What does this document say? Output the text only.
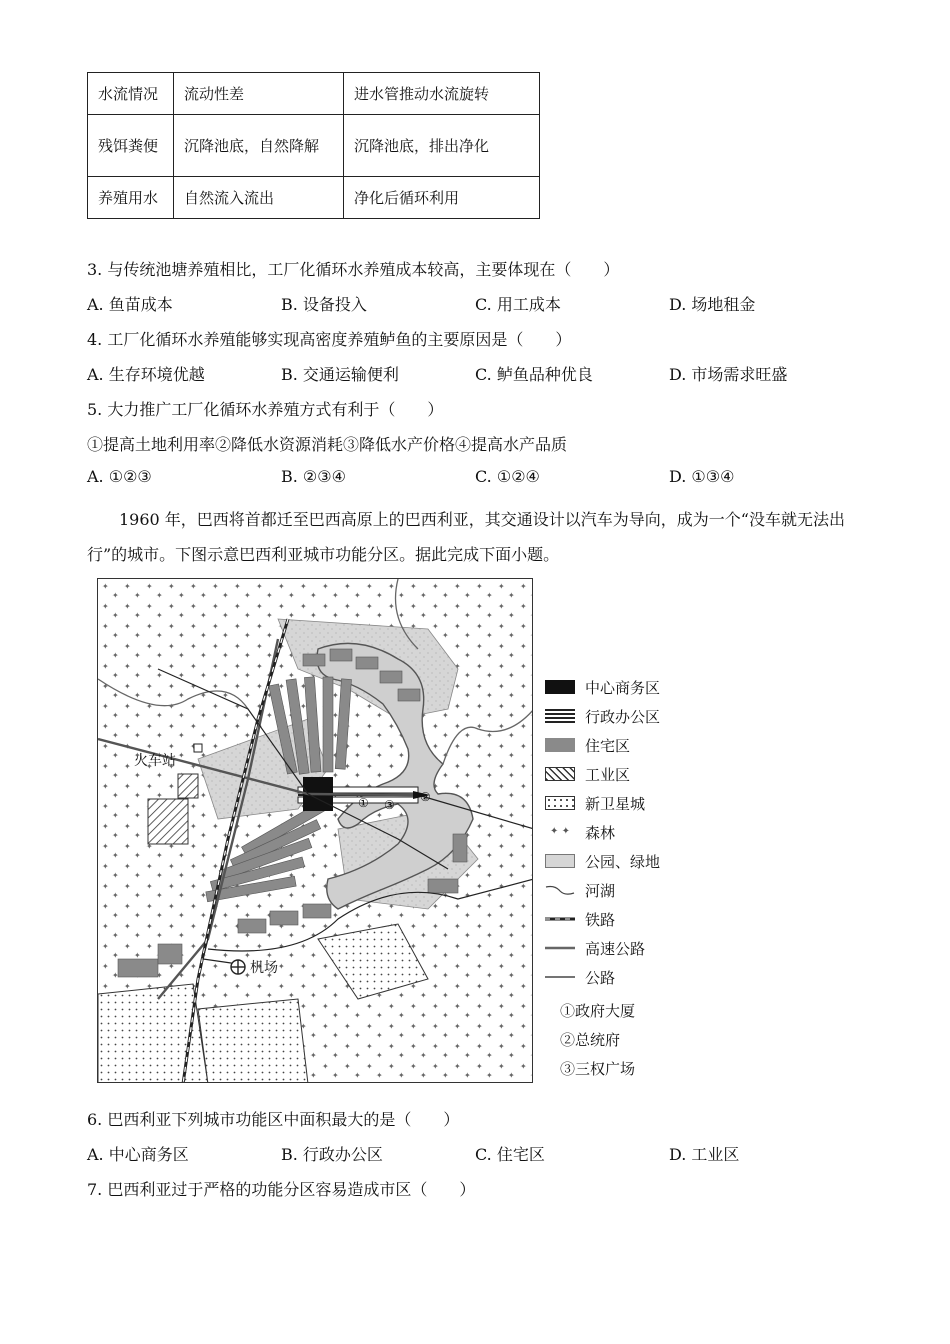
水流情况	流动性差	进水管推动水流旋转
残饵粪便	沉降池底，自然降解	沉降池底，排出净化
养殖用水	自然流入流出	净化后循环利用
3. 与传统池塘养殖相比，工厂化循环水养殖成本较高，主要体现在（　　）
A. 鱼苗成本	B. 设备投入	C. 用工成本	D. 场地租金
4. 工厂化循环水养殖能够实现高密度养殖鲈鱼的主要原因是（　　）
A. 生存环境优越	B. 交通运输便利	C. 鲈鱼品种优良	D. 市场需求旺盛
5. 大力推广工厂化循环水养殖方式有利于（　　）
①提高土地利用率②降低水资源消耗③降低水产价格④提高水产品质
A. ①②③	B. ②③④	C. ①②④	D. ①③④
1960 年，巴西将首都迁至巴西高原上的巴西利亚，其交通设计以汽车为导向，成为一个“没车就无法出行”的城市。下图示意巴西利亚城市功能分区。据此完成下面小题。
火车站
机场
① ③
②
中心商务区
行政办公区
住宅区
工业区
新卫星城
✦ ✦	森林
公园、绿地
河湖
铁路
高速公路
公路
①政府大厦
②总统府
③三权广场
6. 巴西利亚下列城市功能区中面积最大的是（　　）
A. 中心商务区	B. 行政办公区	C. 住宅区	D. 工业区
7. 巴西利亚过于严格的功能分区容易造成市区（　　）
